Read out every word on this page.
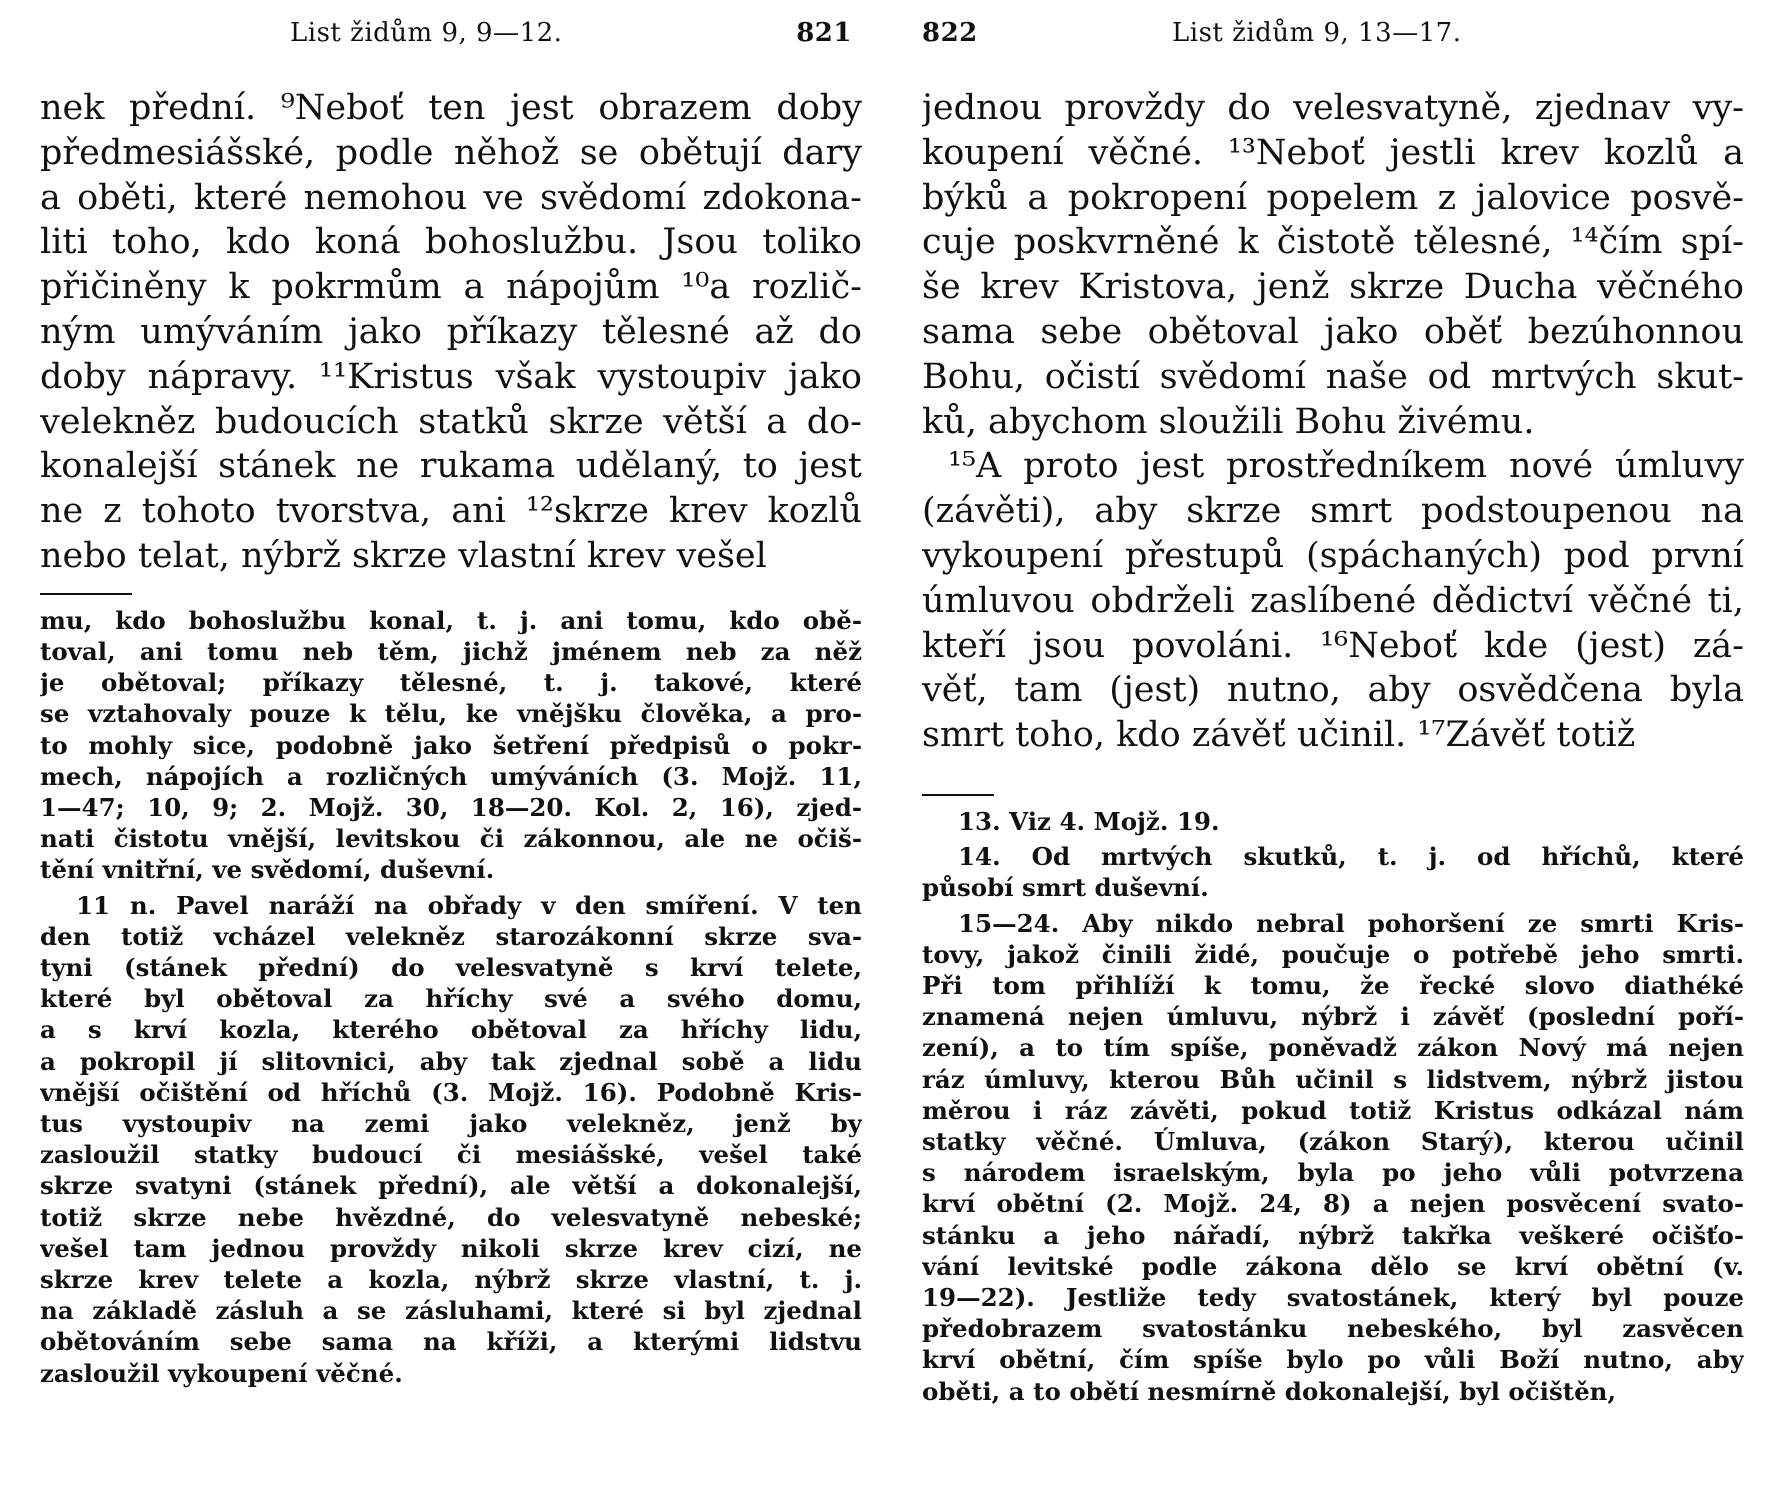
List židům 9, 9—12.	821
nek přední. ⁹Neboť ten jest obrazem doby
předmesiášské, podle něhož se obětují dary
a oběti, které nemohou ve svědomí zdokona-
liti toho, kdo koná bohoslužbu. Jsou toliko
přičiněny k pokrmům a nápojům ¹⁰a rozlič-
ným umýváním jako příkazy tělesné až do
doby nápravy. ¹¹Kristus však vystoupiv jako
velekněz budoucích statků skrze větší a do-
konalejší stánek ne rukama udělaný, to jest
ne z tohoto tvorstva, ani ¹²skrze krev kozlů
nebo telat, nýbrž skrze vlastní krev vešel
mu, kdo bohoslužbu konal, t. j. ani tomu, kdo obě-
toval, ani tomu neb těm, jichž jménem neb za něž
je obětoval; příkazy tělesné, t. j. takové, které
se vztahovaly pouze k tělu, ke vnějšku člověka, a pro-
to mohly sice, podobně jako šetření předpisů o pokr-
mech, nápojích a rozličných umýváních (3. Mojž. 11,
1—47; 10, 9; 2. Mojž. 30, 18—20. Kol. 2, 16), zjed-
nati čistotu vnější, levitskou či zákonnou, ale ne očiš-
tění vnitřní, ve svědomí, duševní.
11 n. Pavel naráží na obřady v den smíření. V ten
den totiž vcházel velekněz starozákonní skrze sva-
tyni (stánek přední) do velesvatyně s krví telete,
které byl obětoval za hříchy své a svého domu,
a s krví kozla, kterého obětoval za hříchy lidu,
a pokropil jí slitovnici, aby tak zjednal sobě a lidu
vnější očištění od hříchů (3. Mojž. 16). Podobně Kris-
tus vystoupiv na zemi jako velekněz, jenž by
zasloužil statky budoucí či mesiášské, vešel také
skrze svatyni (stánek přední), ale větší a dokonalejší,
totiž skrze nebe hvězdné, do velesvatyně nebeské;
vešel tam jednou provždy nikoli skrze krev cizí, ne
skrze krev telete a kozla, nýbrž skrze vlastní, t. j.
na základě zásluh a se zásluhami, které si byl zjednal
obětováním sebe sama na kříži, a kterými lidstvu
zasloužil vykoupení věčné.
822	List židům 9, 13—17.
jednou provždy do velesvatyně, zjednav vy-
koupení věčné. ¹³Neboť jestli krev kozlů a
býků a pokropení popelem z jalovice posvě-
cuje poskvrněné k čistotě tělesné, ¹⁴čím spí-
še krev Kristova, jenž skrze Ducha věčného
sama sebe obětoval jako oběť bezúhonnou
Bohu, očistí svědomí naše od mrtvých skut-
ků, abychom sloužili Bohu živému.
¹⁵A proto jest prostředníkem nové úmluvy
(závěti), aby skrze smrt podstoupenou na
vykoupení přestupů (spáchaných) pod první
úmluvou obdrželi zaslíbené dědictví věčné ti,
kteří jsou povoláni. ¹⁶Neboť kde (jest) zá-
věť, tam (jest) nutno, aby osvědčena byla
smrt toho, kdo závěť učinil. ¹⁷Závěť totiž
13. Viz 4. Mojž. 19.
14. Od mrtvých skutků, t. j. od hříchů, které
působí smrt duševní.
15—24. Aby nikdo nebral pohoršení ze smrti Kris-
tovy, jakož činili židé, poučuje o potřebě jeho smrti.
Při tom přihlíží k tomu, že řecké slovo diathéké
znamená nejen úmluvu, nýbrž i závěť (poslední poří-
zení), a to tím spíše, poněvadž zákon Nový má nejen
ráz úmluvy, kterou Bůh učinil s lidstvem, nýbrž jistou
měrou i ráz závěti, pokud totiž Kristus odkázal nám
statky věčné. Úmluva, (zákon Starý), kterou učinil
s národem israelským, byla po jeho vůli potvrzena
krví obětní (2. Mojž. 24, 8) a nejen posvěcení svato-
stánku a jeho nářadí, nýbrž takřka veškeré očišťo-
vání levitské podle zákona dělo se krví obětní (v.
19—22). Jestliže tedy svatostánek, který byl pouze
předobrazem svatostánku nebeského, byl zasvěcen
krví obětní, čím spíše bylo po vůli Boží nutno, aby
oběti, a to obětí nesmírně dokonalejší, byl očištěn,
